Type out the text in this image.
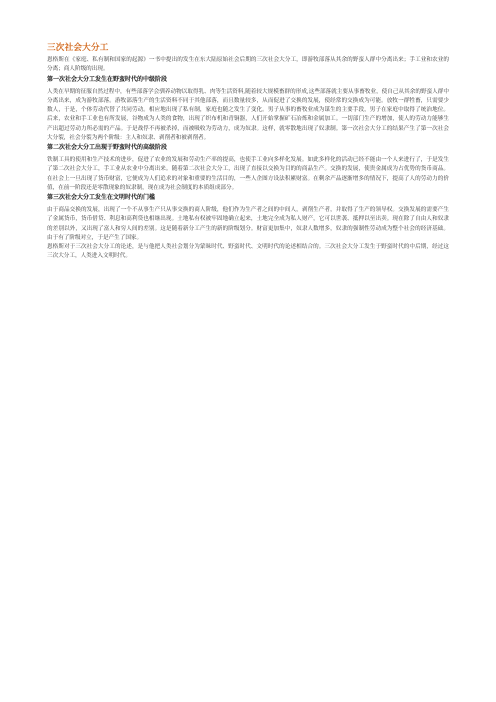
三次社会大分工

恩格斯在《家庭、私有制和国家的起源》一书中提出的发生在东大陆原始社会后期的三次社会大分工，即游牧部落从其余的野蛮人群中分离出来；手工业和农业的分离；商人阶级的出现。

第一次社会大分工发生在野蛮时代的中级阶段

人类在早期的征服自然过程中，有些部落学会驯养动物以取得乳、肉等生活资料,随着较大规模畜群的形成,这些部落就主要从事畜牧业，使自己从其余的野蛮人群中分离出来，成为游牧部落。游牧部落生产的生活资料不同于其他部落，而且数量较多，从而促进了交换的发展，使经常的交换成为可能。放牧一群牲畜，只需要少数人，于是，个体劳动代替了共同劳动。相应地出现了私有制，家庭也随之发生了变化。男子从事的畜牧业成为谋生的主要手段，男子在家庭中取得了统治地位。后来，农业和手工业也有所发展，谷物成为人类的食物，出现了织布机和青铜器，人们开始掌握矿石冶炼和金属加工。一切部门生产的增加，使人的劳动力能够生产出超过劳动力所必需的产品。于是战俘不再被杀掉，而被吸收为劳动力，成为奴隶。这样，就零散地出现了奴隶制。第一次社会大分工的结果产生了第一次社会大分裂，社会分裂为两个阶级：主人和奴隶、剥削者和被剥削者。

第二次社会大分工出现于野蛮时代的高级阶段

铁制工具的使用和生产技术的进步，促进了农业的发展和劳动生产率的提高，也使手工业向多样化发展。如此多样化的活动已经不能由一个人来进行了，于是发生了第二次社会大分工，手工业从农业中分离出来。随着第二次社会大分工，出现了直接以交换为目的的商品生产。交换的发展，使贵金属成为占优势的货币商品。在社会上一旦出现了货币财富，它便成为人们追求的对象和重要的生活目的，一些人企图方设法积累财富。在剩余产品逐渐增多的情况下，提高了人的劳动力的价值，在前一阶段还是零散现象的奴隶制，现在成为社会制度的本质组成部分。

第三次社会大分工发生在文明时代的门槛

由于商品交换的发展，出现了一个不从事生产只从事交换的商人阶级，他们作为生产者之间的中间人，剥削生产者，并取得了生产的领导权。交换发展的需要产生了金属货币，货币借贷、利息和高利贷也相继出现。土地私有权被牢固地确立起来，土地完全成为私人财产，它可以世袭、抵押以至出卖。现在除了自由人和奴隶的差别以外，又出现了富人和穷人间的差别。这是随着新分工产生的新的阶级划分。财富更加集中，奴隶人数增多，奴隶的强制性劳动成为整个社会的经济基础。由于有了阶级对立，于是产生了国家。
恩格斯对于三次社会大分工的论述，是与他把人类社会划分为蒙昧时代、野蛮时代、文明时代的论述相结合的。三次社会大分工发生于野蛮时代的中后期，经过这三次大分工，人类进入文明时代。
